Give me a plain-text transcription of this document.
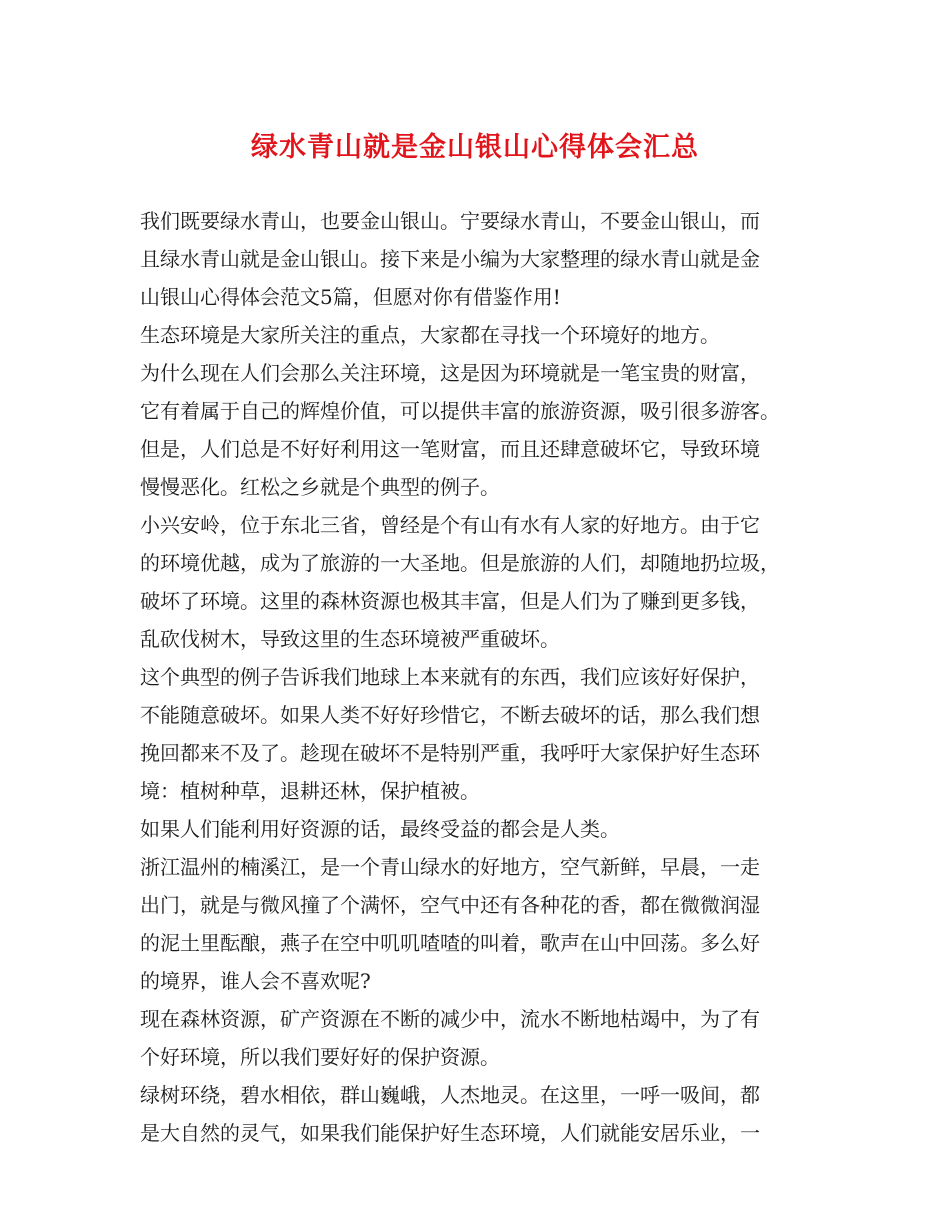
绿水青山就是金山银山心得体会汇总
我们既要绿水青山，也要金山银山。宁要绿水青山，不要金山银山，而
且绿水青山就是金山银山。接下来是小编为大家整理的绿水青山就是金
山银山心得体会范文5篇，但愿对你有借鉴作用!
生态环境是大家所关注的重点，大家都在寻找一个环境好的地方。
为什么现在人们会那么关注环境，这是因为环境就是一笔宝贵的财富，
它有着属于自己的辉煌价值，可以提供丰富的旅游资源，吸引很多游客。
但是，人们总是不好好利用这一笔财富，而且还肆意破坏它，导致环境
慢慢恶化。红松之乡就是个典型的例子。
小兴安岭，位于东北三省，曾经是个有山有水有人家的好地方。由于它
的环境优越，成为了旅游的一大圣地。但是旅游的人们，却随地扔垃圾，
破坏了环境。这里的森林资源也极其丰富，但是人们为了赚到更多钱，
乱砍伐树木，导致这里的生态环境被严重破坏。
这个典型的例子告诉我们地球上本来就有的东西，我们应该好好保护，
不能随意破坏。如果人类不好好珍惜它，不断去破坏的话，那么我们想
挽回都来不及了。趁现在破坏不是特别严重，我呼吁大家保护好生态环
境：植树种草，退耕还林，保护植被。
如果人们能利用好资源的话，最终受益的都会是人类。
浙江温州的楠溪江，是一个青山绿水的好地方，空气新鲜，早晨，一走
出门，就是与微风撞了个满怀，空气中还有各种花的香，都在微微润湿
的泥土里酝酿，燕子在空中叽叽喳喳的叫着，歌声在山中回荡。多么好
的境界，谁人会不喜欢呢?
现在森林资源，矿产资源在不断的减少中，流水不断地枯竭中，为了有
个好环境，所以我们要好好的保护资源。
绿树环绕，碧水相依，群山巍峨，人杰地灵。在这里，一呼一吸间，都
是大自然的灵气，如果我们能保护好生态环境，人们就能安居乐业，一
